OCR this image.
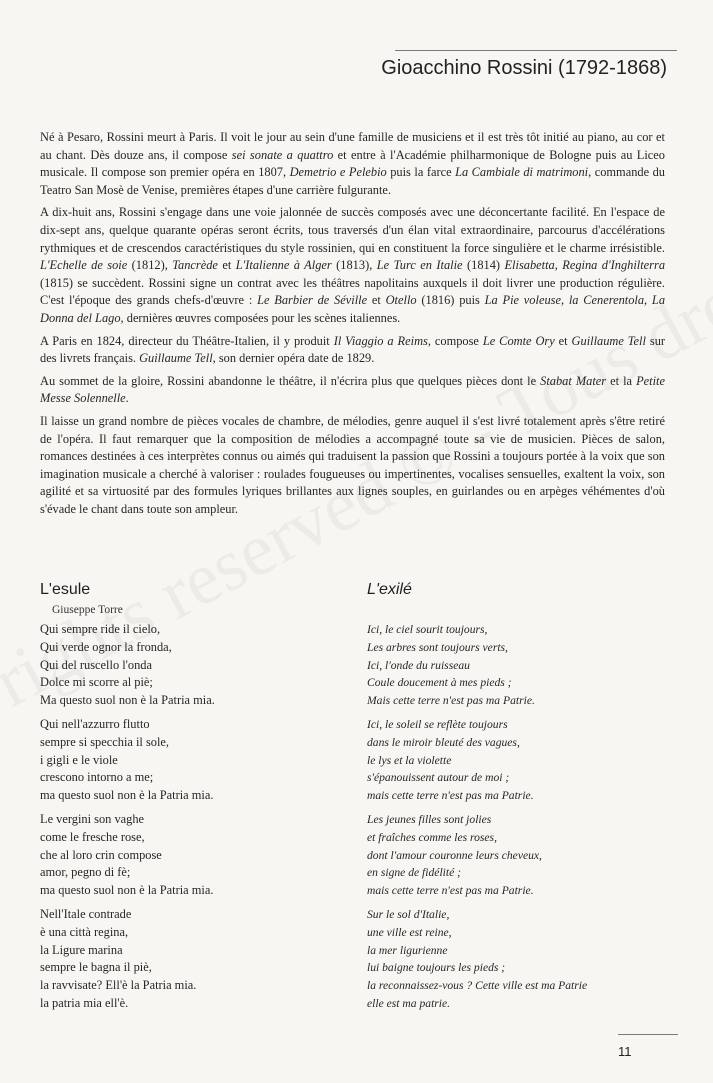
Gioacchino Rossini (1792-1868)

Né à Pesaro, Rossini meurt à Paris. Il voit le jour au sein d'une famille de musiciens et il est très tôt initié au piano, au cor et au chant. Dès douze ans, il compose sei sonate a quattro et entre à l'Académie philharmonique de Bologne puis au Liceo musicale. Il compose son premier opéra en 1807, Demetrio e Pelebio puis la farce La Cambiale di matrimoni, commande du Teatro San Mosè de Venise, premières étapes d'une carrière fulgurante.

A dix-huit ans, Rossini s'engage dans une voie jalonnée de succès composés avec une déconcertante facilité. En l'espace de dix-sept ans, quelque quarante opéras seront écrits, tous traversés d'un élan vital extraordinaire, parcourus d'accélérations rythmiques et de crescendos caractéristiques du style rossinien, qui en constituent la force singulière et le charme irrésistible. L'Echelle de soie (1812), Tancrède et L'Italienne à Alger (1813), Le Turc en Italie (1814) Elisabetta, Regina d'Inghilterra (1815) se succèdent. Rossini signe un contrat avec les théâtres napolitains auxquels il doit livrer une production régulière. C'est l'époque des grands chefs-d'œuvre : Le Barbier de Séville et Otello (1816) puis La Pie voleuse, la Cenerentola, La Donna del Lago, dernières œuvres composées pour les scènes italiennes.

A Paris en 1824, directeur du Théâtre-Italien, il y produit Il Viaggio a Reims, compose Le Comte Ory et Guillaume Tell sur des livrets français. Guillaume Tell, son dernier opéra date de 1829.

Au sommet de la gloire, Rossini abandonne le théâtre, il n'écrira plus que quelques pièces dont le Stabat Mater et la Petite Messe Solennelle.

Il laisse un grand nombre de pièces vocales de chambre, de mélodies, genre auquel il s'est livré totalement après s'être retiré de l'opéra. Il faut remarquer que la composition de mélodies a accompagné toute sa vie de musicien. Pièces de salon, romances destinées à ces interprètes connus ou aimés qui traduisent la passion que Rossini a toujours portée à la voix que son imagination musicale a cherché à valoriser : roulades fougueuses ou impertinentes, vocalises sensuelles, exaltent la voix, son agilité et sa virtuosité par des formules lyriques brillantes aux lignes souples, en guirlandes ou en arpèges véhémentes d'où s'évade le chant dans toute son ampleur.

L'esule
Giuseppe Torre
Qui sempre ride il cielo,
Qui verde ognor la fronda,
Qui del ruscello l'onda
Dolce mi scorre al piè;
Ma questo suol non è la Patria mia.
Qui nell'azzurro flutto
sempre si specchia il sole,
i gigli e le viole
crescono intorno a me;
ma questo suol non è la Patria mia.
Le vergini son vaghe
come le fresche rose,
che al loro crin compose
amor, pegno di fè;
ma questo suol non è la Patria mia.
Nell'Itale contrade
è una città regina,
la Ligure marina
sempre le bagna il piè,
la ravvisate? Ell'è la Patria mia.
la patria mia ell'è.
L'exilé
Ici, le ciel sourit toujours,
Les arbres sont toujours verts,
Ici, l'onde du ruisseau
Coule doucement à mes pieds ;
Mais cette terre n'est pas ma Patrie.
Ici, le soleil se reflète toujours
dans le miroir bleuté des vagues,
le lys et la violette
s'épanouissent autour de moi ;
mais cette terre n'est pas ma Patrie.
Les jeunes filles sont jolies
et fraîches comme les roses,
dont l'amour couronne leurs cheveux,
en signe de fidélité ;
mais cette terre n'est pas ma Patrie.
Sur le sol d'Italie,
une ville est reine,
la mer ligurienne
lui baigne toujours les pieds ;
la reconnaissez-vous ? Cette ville est ma Patrie
elle est ma patrie.
11
